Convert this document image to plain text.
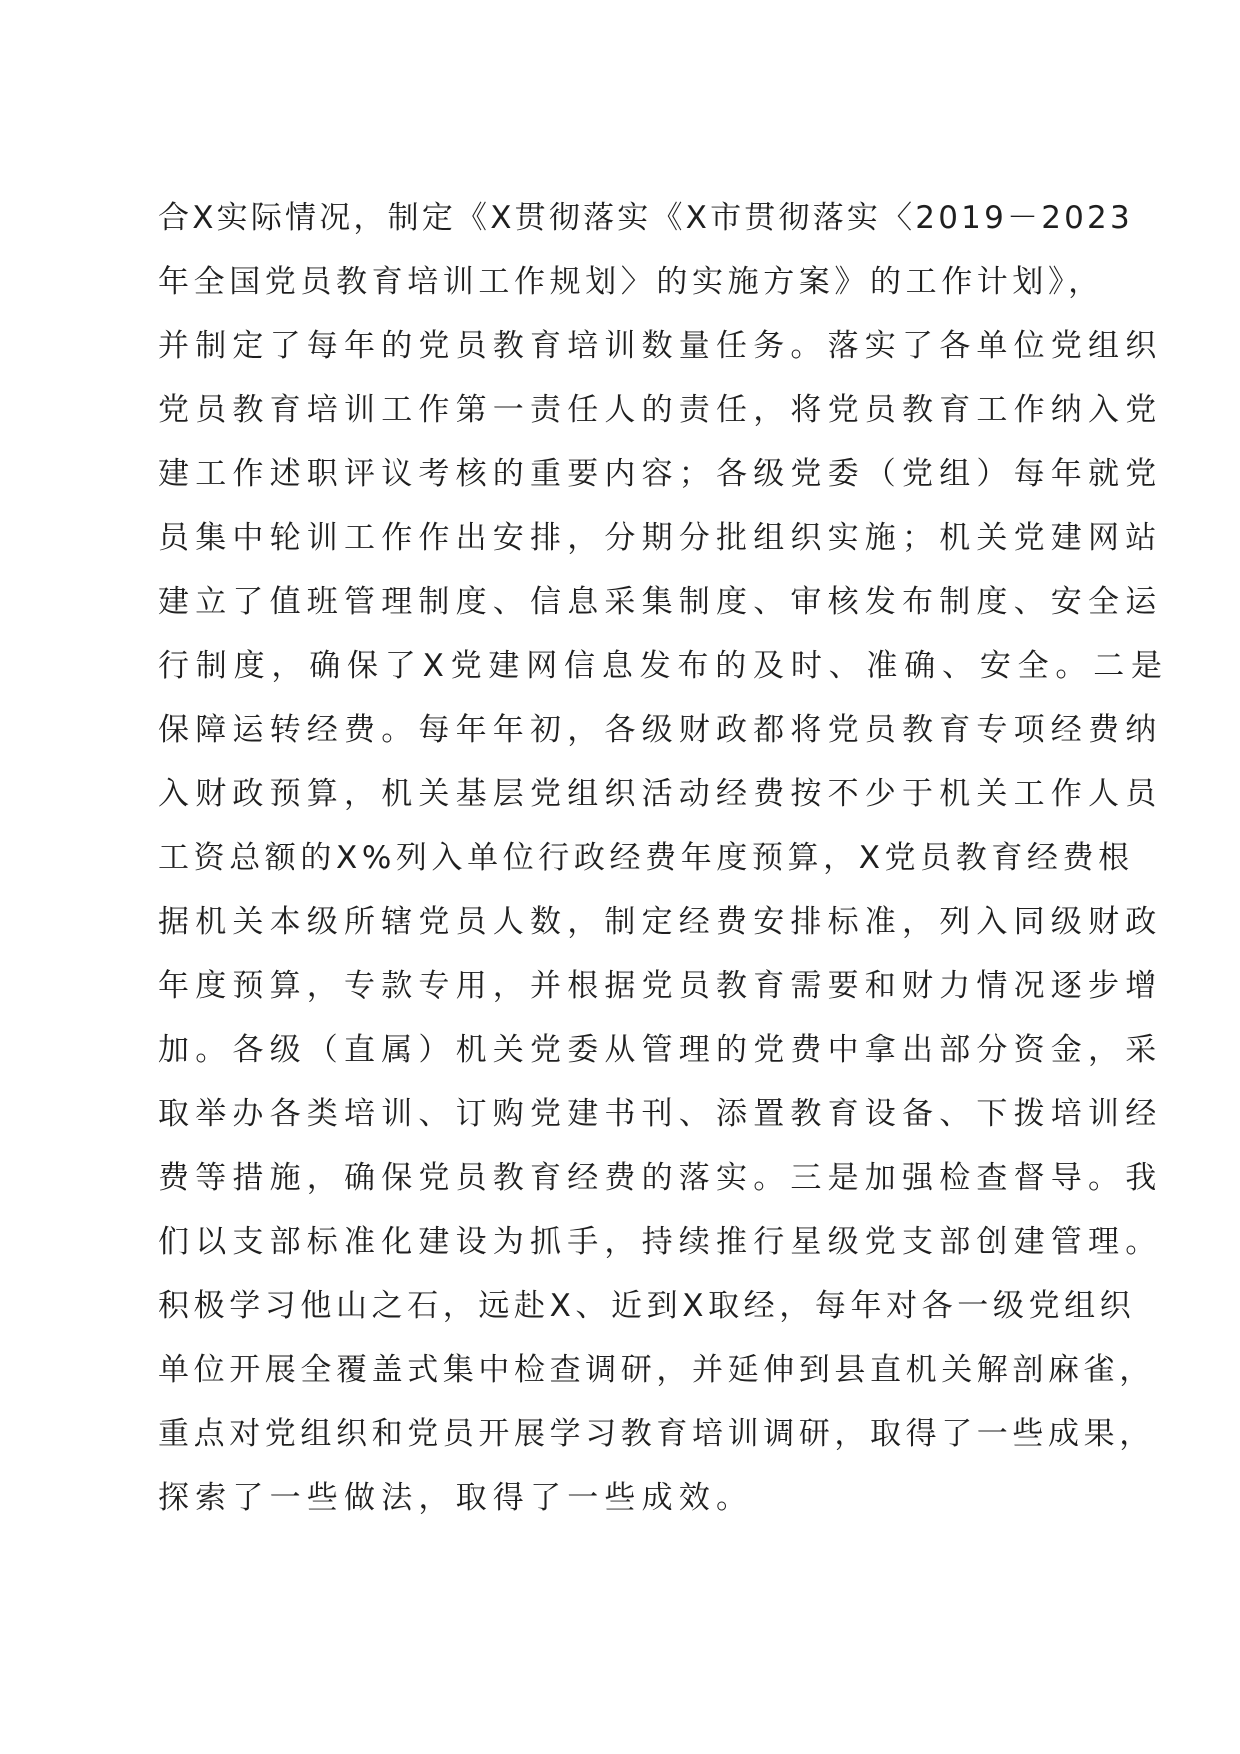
合X实际情况，制定《X贯彻落实《X市贯彻落实〈2019－2023
年全国党员教育培训工作规划〉的实施方案》的工作计划》，
并制定了每年的党员教育培训数量任务。落实了各单位党组织
党员教育培训工作第一责任人的责任，将党员教育工作纳入党
建工作述职评议考核的重要内容；各级党委（党组）每年就党
员集中轮训工作作出安排，分期分批组织实施；机关党建网站
建立了值班管理制度、信息采集制度、审核发布制度、安全运
行制度，确保了X党建网信息发布的及时、准确、安全。二是
保障运转经费。每年年初，各级财政都将党员教育专项经费纳
入财政预算，机关基层党组织活动经费按不少于机关工作人员
工资总额的X%列入单位行政经费年度预算，X党员教育经费根
据机关本级所辖党员人数，制定经费安排标准，列入同级财政
年度预算，专款专用，并根据党员教育需要和财力情况逐步增
加。各级（直属）机关党委从管理的党费中拿出部分资金，采
取举办各类培训、订购党建书刊、添置教育设备、下拨培训经
费等措施，确保党员教育经费的落实。三是加强检查督导。我
们以支部标准化建设为抓手，持续推行星级党支部创建管理。
积极学习他山之石，远赴X、近到X取经，每年对各一级党组织
单位开展全覆盖式集中检查调研，并延伸到县直机关解剖麻雀，
重点对党组织和党员开展学习教育培训调研，取得了一些成果，
探索了一些做法，取得了一些成效。
